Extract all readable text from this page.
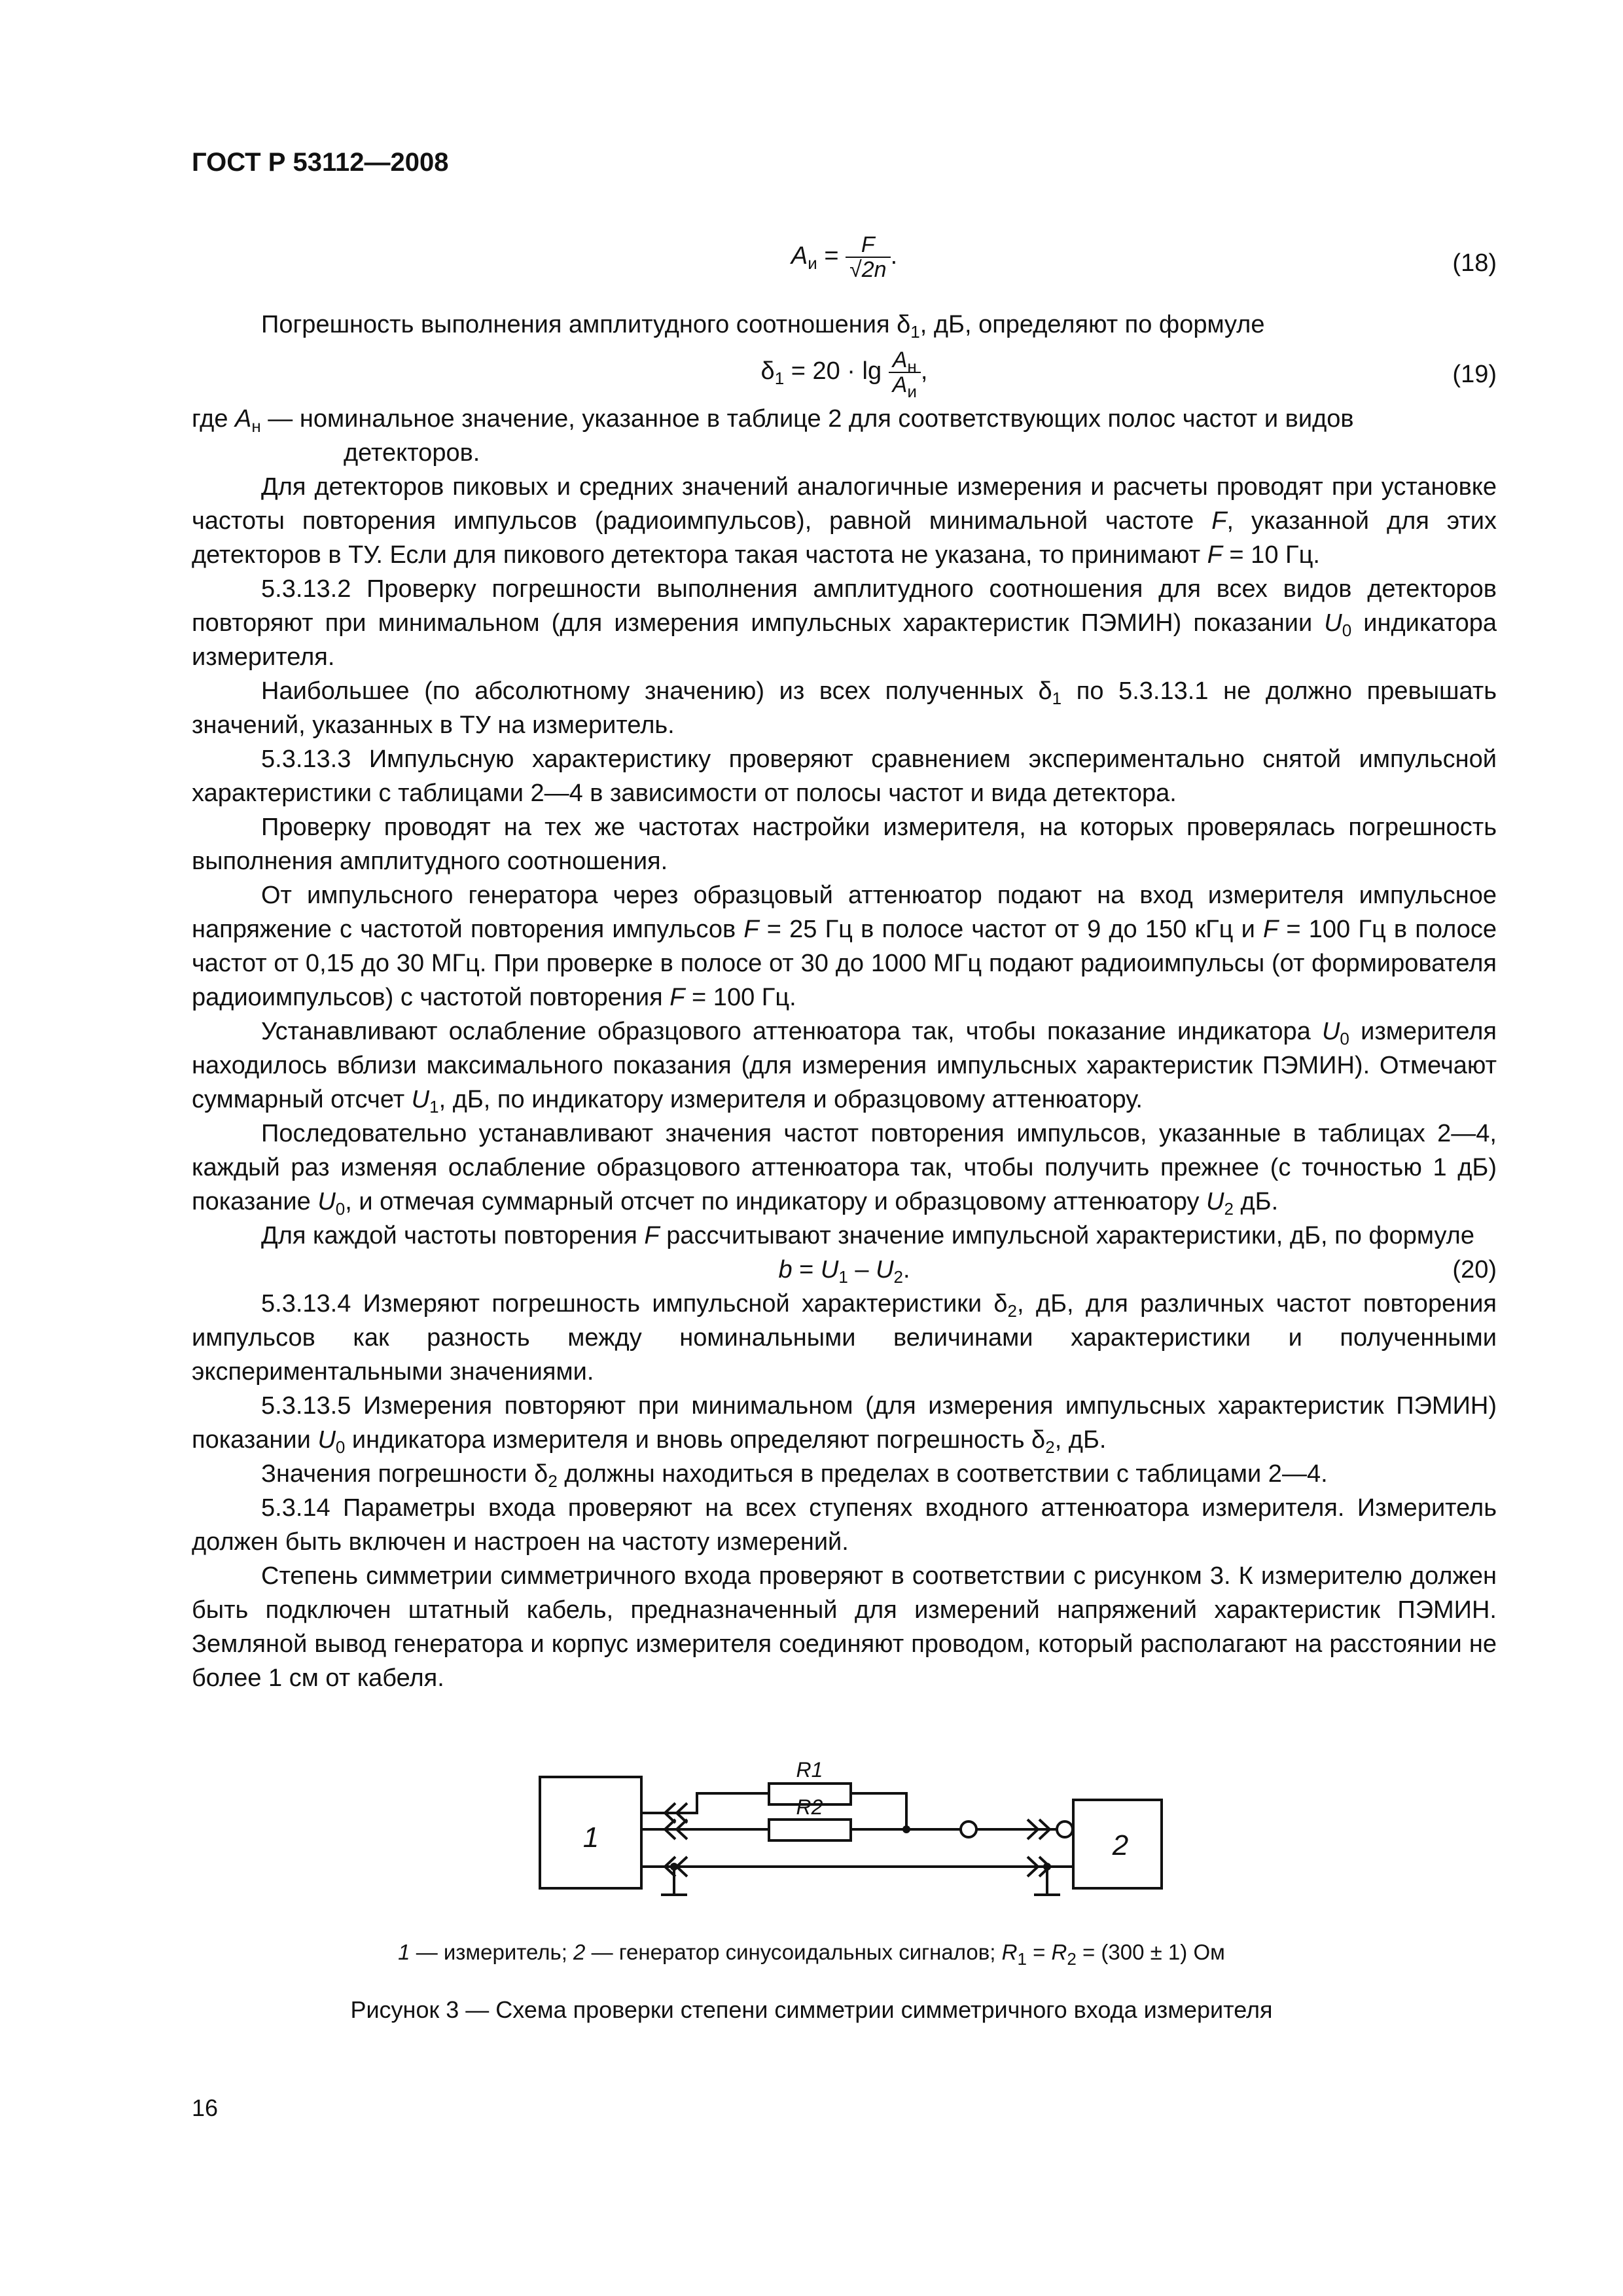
ГОСТ Р 53112—2008
$A_и = \frac{F}{√2n}$ .	(18)

Погрешность выполнения амплитудного соотношения $\delta_1$, дБ, определяют по формуле

$\delta_1 = 20 \cdot \lg \frac{A_н}{A_и}$ ,	(19)

где $A_н$ — номинальное значение, указанное в таблице 2 для соответствующих полос частот и видов
детекторов.

Для детекторов пиковых и средних значений аналогичные измерения и расчеты проводят при установке частоты повторения импульсов (радиоимпульсов), равной минимальной частоте F, указанной для этих детекторов в ТУ. Если для пикового детектора такая частота не указана, то принимают F = 10 Гц.

5.3.13.2 Проверку погрешности выполнения амплитудного соотношения для всех видов детекторов повторяют при минимальном (для измерения импульсных характеристик ПЭМИН) показании $U_0$ индикатора измерителя.

Наибольшее (по абсолютному значению) из всех полученных $\delta_1$ по 5.3.13.1 не должно превышать значений, указанных в ТУ на измеритель.

5.3.13.3 Импульсную характеристику проверяют сравнением экспериментально снятой импульсной характеристики с таблицами 2—4 в зависимости от полосы частот и вида детектора.

Проверку проводят на тех же частотах настройки измерителя, на которых проверялась погрешность выполнения амплитудного соотношения.

От импульсного генератора через образцовый аттенюатор подают на вход измерителя импульсное напряжение с частотой повторения импульсов F = 25 Гц в полосе частот от 9 до 150 кГц и F = 100 Гц в полосе частот от 0,15 до 30 МГц. При проверке в полосе от 30 до 1000 МГц подают радиоимпульсы (от формирователя радиоимпульсов) с частотой повторения F = 100 Гц.

Устанавливают ослабление образцового аттенюатора так, чтобы показание индикатора $U_0$ измерителя находилось вблизи максимального показания (для измерения импульсных характеристик ПЭМИН). Отмечают суммарный отсчет $U_1$, дБ, по индикатору измерителя и образцовому аттенюатору.

Последовательно устанавливают значения частот повторения импульсов, указанные в таблицах 2—4, каждый раз изменяя ослабление образцового аттенюатора так, чтобы получить прежнее (с точностью 1 дБ) показание $U_0$, и отмечая суммарный отсчет по индикатору и образцовому аттенюатору $U_2$ дБ.

Для каждой частоты повторения F рассчитывают значение импульсной характеристики, дБ, по формуле

$b = U_1 - U_2$.	(20)

5.3.13.4 Измеряют погрешность импульсной характеристики $\delta_2$, дБ, для различных частот повторения импульсов как разность между номинальными величинами характеристики и полученными экспериментальными значениями.

5.3.13.5 Измерения повторяют при минимальном (для измерения импульсных характеристик ПЭМИН) показании $U_0$ индикатора измерителя и вновь определяют погрешность $\delta_2$, дБ.

Значения погрешности $\delta_2$ должны находиться в пределах в соответствии с таблицами 2—4.

5.3.14 Параметры входа проверяют на всех ступенях входного аттенюатора измерителя. Измеритель должен быть включен и настроен на частоту измерений.

Степень симметрии симметричного входа проверяют в соответствии с рисунком 3. К измерителю должен быть подключен штатный кабель, предназначенный для измерений напряжений характеристик ПЭМИН. Земляной вывод генератора и корпус измерителя соединяют проводом, который располагают на расстоянии не более 1 см от кабеля.

1	2
R1
R2
1 — измеритель; 2 — генератор синусоидальных сигналов; $R_1 = R_2 = (300 \pm 1)$ Ом
Рисунок 3 — Схема проверки степени симметрии симметричного входа измерителя
16
